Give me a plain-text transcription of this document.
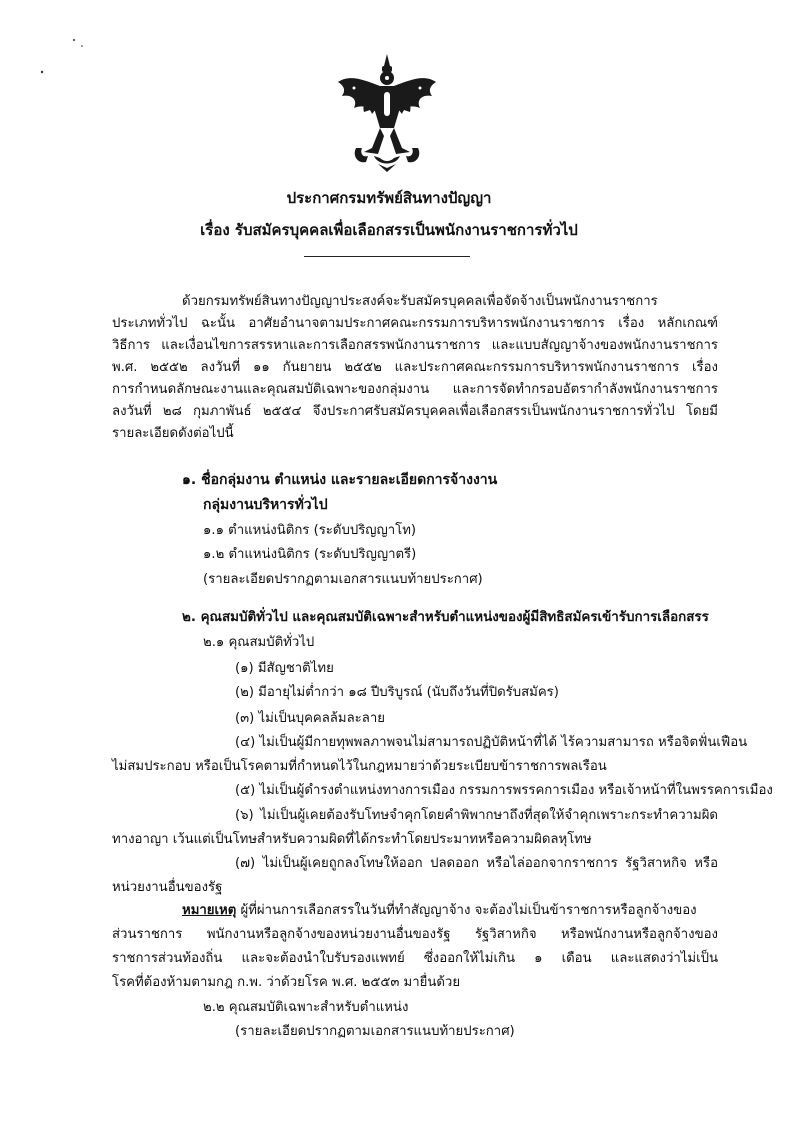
ประกาศกรมทรัพย์สินทางปัญญา
เรื่อง รับสมัครบุคคลเพื่อเลือกสรรเป็นพนักงานราชการทั่วไป
ด้วยกรมทรัพย์สินทางปัญญาประสงค์จะรับสมัครบุคคลเพื่อจัดจ้างเป็นพนักงานราชการ
ประเภททั่วไป ฉะนั้น อาศัยอำนาจตามประกาศคณะกรรมการบริหารพนักงานราชการ เรื่อง หลักเกณฑ์
วิธีการ และเงื่อนไขการสรรหาและการเลือกสรรพนักงานราชการ และแบบสัญญาจ้างของพนักงานราชการ
พ.ศ. ๒๕๕๒ ลงวันที่ ๑๑ กันยายน ๒๕๕๒ และประกาศคณะกรรมการบริหารพนักงานราชการ เรื่อง
การกำหนดลักษณะงานและคุณสมบัติเฉพาะของกลุ่มงาน และการจัดทำกรอบอัตรากำลังพนักงานราชการ
ลงวันที่ ๒๘ กุมภาพันธ์ ๒๕๕๔ จึงประกาศรับสมัครบุคคลเพื่อเลือกสรรเป็นพนักงานราชการทั่วไป โดยมี
รายละเอียดดังต่อไปนี้
๑. ชื่อกลุ่มงาน ตำแหน่ง และรายละเอียดการจ้างงาน
กลุ่มงานบริหารทั่วไป
๑.๑ ตำแหน่งนิติกร (ระดับปริญญาโท)
๑.๒ ตำแหน่งนิติกร (ระดับปริญญาตรี)
(รายละเอียดปรากฏตามเอกสารแนบท้ายประกาศ)
๒. คุณสมบัติทั่วไป และคุณสมบัติเฉพาะสำหรับตำแหน่งของผู้มีสิทธิสมัครเข้ารับการเลือกสรร
๒.๑ คุณสมบัติทั่วไป
(๑) มีสัญชาติไทย
(๒) มีอายุไม่ต่ำกว่า ๑๘ ปีบริบูรณ์ (นับถึงวันที่ปิดรับสมัคร)
(๓) ไม่เป็นบุคคลล้มละลาย
(๔) ไม่เป็นผู้มีกายทุพพลภาพจนไม่สามารถปฏิบัติหน้าที่ได้ ไร้ความสามารถ หรือจิตฟั่นเฟือน
ไม่สมประกอบ หรือเป็นโรคตามที่กำหนดไว้ในกฎหมายว่าด้วยระเบียบข้าราชการพลเรือน
(๕) ไม่เป็นผู้ดำรงตำแหน่งทางการเมือง กรรมการพรรคการเมือง หรือเจ้าหน้าที่ในพรรคการเมือง
(๖) ไม่เป็นผู้เคยต้องรับโทษจำคุกโดยคำพิพากษาถึงที่สุดให้จำคุกเพราะกระทำความผิด
ทางอาญา เว้นแต่เป็นโทษสำหรับความผิดที่ได้กระทำโดยประมาทหรือความผิดลหุโทษ
(๗) ไม่เป็นผู้เคยถูกลงโทษให้ออก ปลดออก หรือไล่ออกจากราชการ รัฐวิสาหกิจ หรือ
หน่วยงานอื่นของรัฐ
หมายเหตุ ผู้ที่ผ่านการเลือกสรรในวันที่ทำสัญญาจ้าง จะต้องไม่เป็นข้าราชการหรือลูกจ้างของ
ส่วนราชการ พนักงานหรือลูกจ้างของหน่วยงานอื่นของรัฐ รัฐวิสาหกิจ หรือพนักงานหรือลูกจ้างของ
ราชการส่วนท้องถิ่น และจะต้องนำใบรับรองแพทย์ ซึ่งออกให้ไม่เกิน ๑ เดือน และแสดงว่าไม่เป็น
โรคที่ต้องห้ามตามกฎ ก.พ. ว่าด้วยโรค พ.ศ. ๒๕๕๓ มายื่นด้วย
๒.๒ คุณสมบัติเฉพาะสำหรับตำแหน่ง
(รายละเอียดปรากฏตามเอกสารแนบท้ายประกาศ)
